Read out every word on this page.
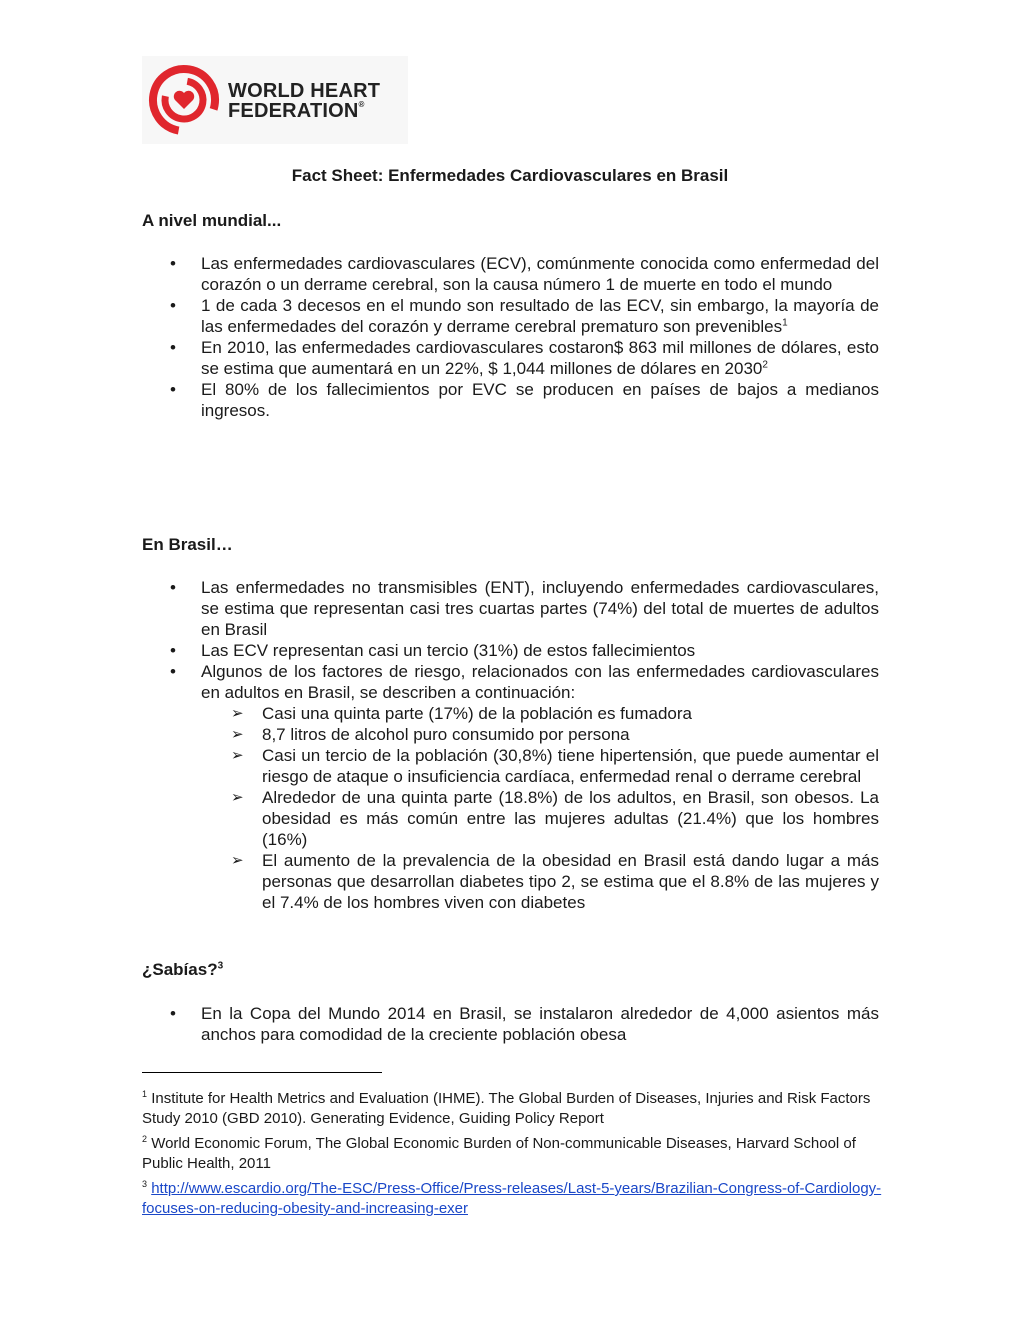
WORLD HEART
FEDERATION®
Fact Sheet: Enfermedades Cardiovasculares en Brasil
A nivel mundial...
• Las enfermedades cardiovasculares (ECV), comúnmente conocida como enfermedad del corazón o un derrame cerebral, son la causa número 1 de muerte en todo el mundo
• 1 de cada 3 decesos en el mundo son resultado de las ECV, sin embargo, la mayoría de las enfermedades del corazón y derrame cerebral prematuro son prevenibles$^1$
• En 2010, las enfermedades cardiovasculares costaron$ 863 mil millones de dólares, esto se estima que aumentará en un 22%, $ 1,044 millones de dólares en 2030$^2$
• El 80% de los fallecimientos por EVC se producen en países de bajos a medianos ingresos.
En Brasil…
• Las enfermedades no transmisibles (ENT), incluyendo enfermedades cardiovasculares, se estima que representan casi tres cuartas partes (74%) del total de muertes de adultos en Brasil
• Las ECV representan casi un tercio (31%) de estos fallecimientos
• Algunos de los factores de riesgo, relacionados con las enfermedades cardiovasculares en adultos en Brasil, se describen a continuación:
➢ Casi una quinta parte (17%) de la población es fumadora
➢ 8,7 litros de alcohol puro consumido por persona
➢ Casi un tercio de la población (30,8%) tiene hipertensión, que puede aumentar el riesgo de ataque o insuficiencia cardíaca, enfermedad renal o derrame cerebral
➢ Alrededor de una quinta parte (18.8%) de los adultos, en Brasil, son obesos. La obesidad es más común entre las mujeres adultas (21.4%) que los hombres (16%)
➢ El aumento de la prevalencia de la obesidad en Brasil está dando lugar a más personas que desarrollan diabetes tipo 2, se estima que el 8.8% de las mujeres y el 7.4% de los hombres viven con diabetes
¿Sabías?$^3$
• En la Copa del Mundo 2014 en Brasil, se instalaron alrededor de 4,000 asientos más anchos para comodidad de la creciente población obesa

$^1$ Institute for Health Metrics and Evaluation (IHME). The Global Burden of Diseases, Injuries and Risk Factors Study 2010 (GBD 2010). Generating Evidence, Guiding Policy Report

$^2$ World Economic Forum, The Global Economic Burden of Non-communicable Diseases, Harvard School of Public Health, 2011

$^3$ http://www.escardio.org/The-ESC/Press-Office/Press-releases/Last-5-years/Brazilian-Congress-of-Cardiology-focuses-on-reducing-obesity-and-increasing-exer
